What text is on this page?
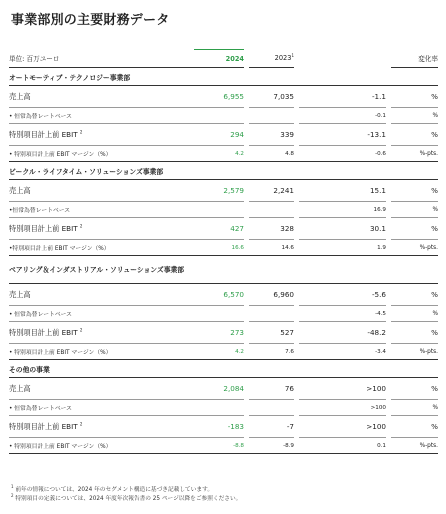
事業部別の主要財務データ
単位: 百万ユーロ	2024		2023$^1$				変化率
オートモーティブ・テクノロジー事業部							
売上高	6,955		7,035		-1.1		%
• 恒常為替レートベース					-0.1		%
特別項目計上前 EBIT $^2$	294		339		-13.1		%
• 特別項目計上前 EBIT マージン（%）	4.2		4.8		-0.6		%-pts.
ビークル・ライフタイム・ソリューションズ事業部							
売上高	2,579		2,241		15.1		%
•恒常為替レートベース					16.9		%
特別項目計上前 EBIT $^2$	427		328		30.1		%
•特別項目計上前 EBIT マージン（%）	16.6		14.6		1.9		%-pts.
ベアリング＆インダストリアル・ソリューションズ事業部							
売上高	6,570		6,960		-5.6		%
• 恒常為替レートベース					-4.5		%
特別項目計上前 EBIT $^2$	273		527		-48.2		%
• 特別項目計上前 EBIT マージン（%）	4.2		7.6		-3.4		%-pts.
その他の事業							
売上高	2,084		76		>100		%
• 恒常為替レートベース					>100		%
特別項目計上前 EBIT $^2$	-183		-7		>100		%
• 特別項目計上前 EBIT マージン（%）	-8.8		-8.9		0.1		%-pts.
$^1$ 前年の情報については、2024 年のセグメント構造に基づき記載しています。
$^2$ 特別項目の定義については、2024 年度年次報告書の 25 ページ以降をご参照ください。
